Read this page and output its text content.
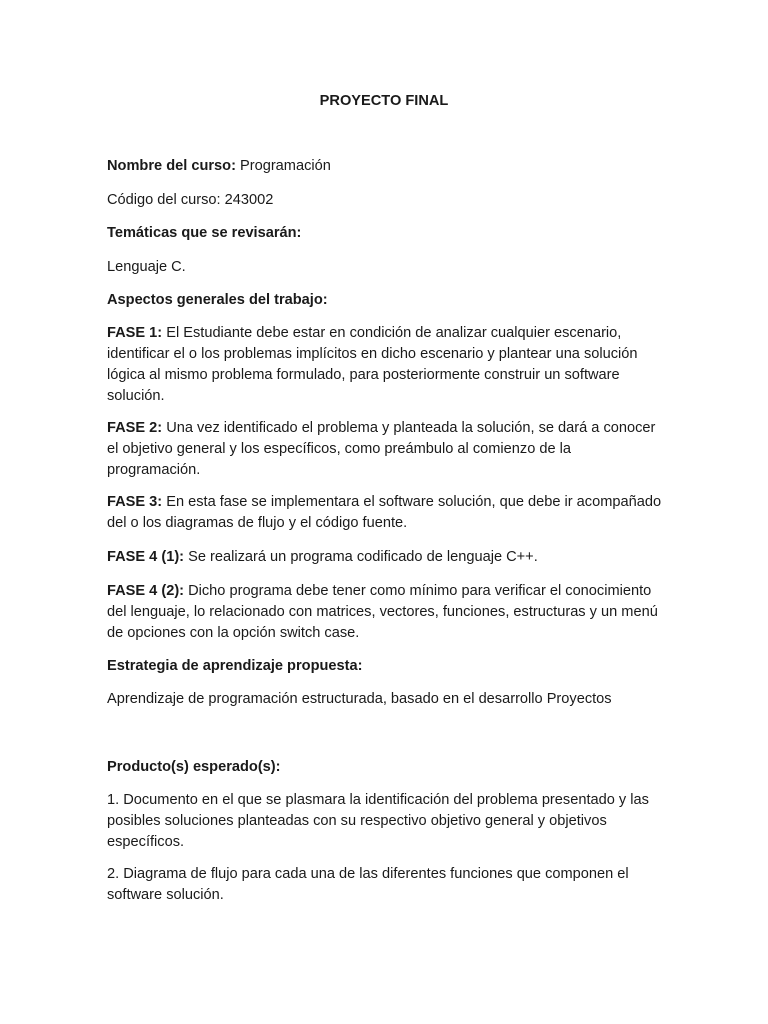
PROYECTO FINAL

Nombre del curso: Programación

Código del curso: 243002

Temáticas que se revisarán:

Lenguaje C.

Aspectos generales del trabajo:

FASE 1: El Estudiante debe estar en condición de analizar cualquier escenario, identificar el o los problemas implícitos en dicho escenario y plantear una solución lógica al mismo problema formulado, para posteriormente construir un software solución.

FASE 2: Una vez identificado el problema y planteada la solución, se dará a conocer el objetivo general y los específicos, como preámbulo al comienzo de la programación.

FASE 3: En esta fase se implementara el software solución, que debe ir acompañado del o los diagramas de flujo y el código fuente.

FASE 4 (1): Se realizará un programa codificado de lenguaje C++.

FASE 4 (2): Dicho programa debe tener como mínimo para verificar el conocimiento del lenguaje, lo relacionado con matrices, vectores, funciones, estructuras y un menú de opciones con la opción switch case.

Estrategia de aprendizaje propuesta:

Aprendizaje de programación estructurada, basado en el desarrollo Proyectos

Producto(s) esperado(s):

1. Documento en el que se plasmara la identificación del problema presentado y las posibles soluciones planteadas con su respectivo objetivo general y objetivos específicos.

2. Diagrama de flujo para cada una de las diferentes funciones que componen el software solución.
